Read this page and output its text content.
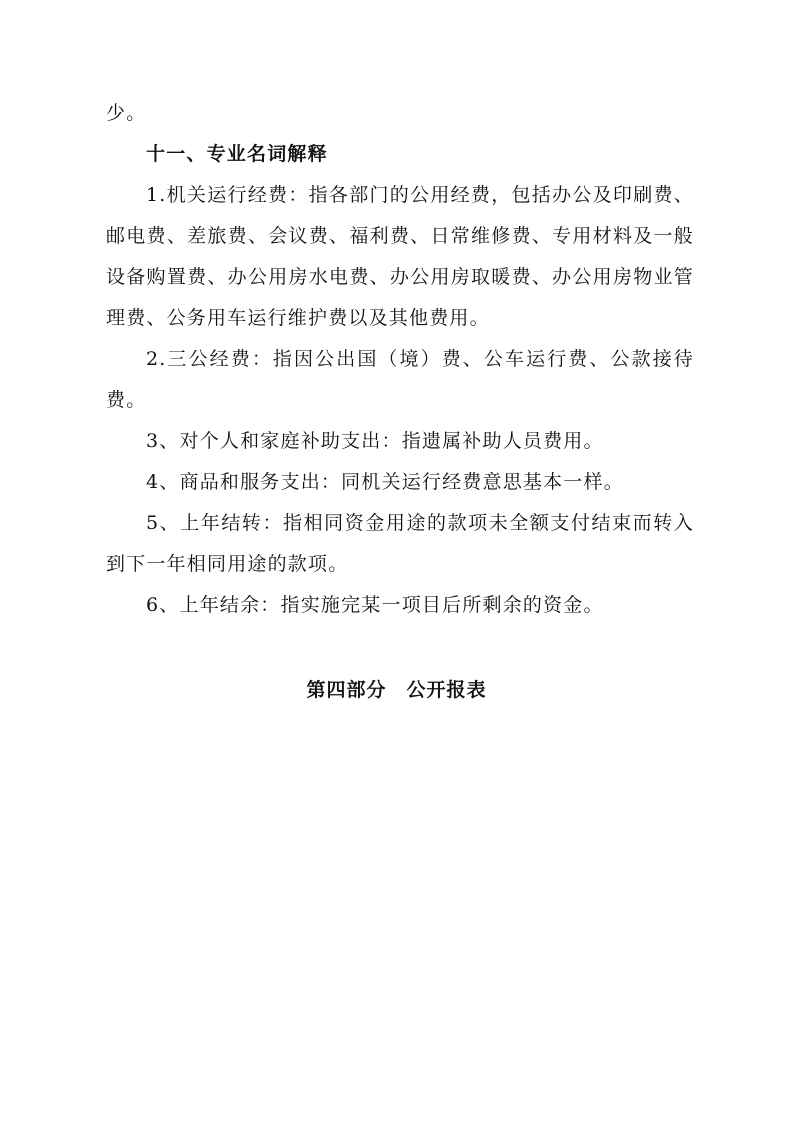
少。

十一、专业名词解释

1.机关运行经费：指各部门的公用经费，包括办公及印刷费、邮电费、差旅费、会议费、福利费、日常维修费、专用材料及一般设备购置费、办公用房水电费、办公用房取暖费、办公用房物业管理费、公务用车运行维护费以及其他费用。

2.三公经费：指因公出国（境）费、公车运行费、公款接待费。

3、对个人和家庭补助支出：指遗属补助人员费用。

4、商品和服务支出：同机关运行经费意思基本一样。

5、上年结转：指相同资金用途的款项未全额支付结束而转入到下一年相同用途的款项。

6、上年结余：指实施完某一项目后所剩余的资金。

第四部分　公开报表
